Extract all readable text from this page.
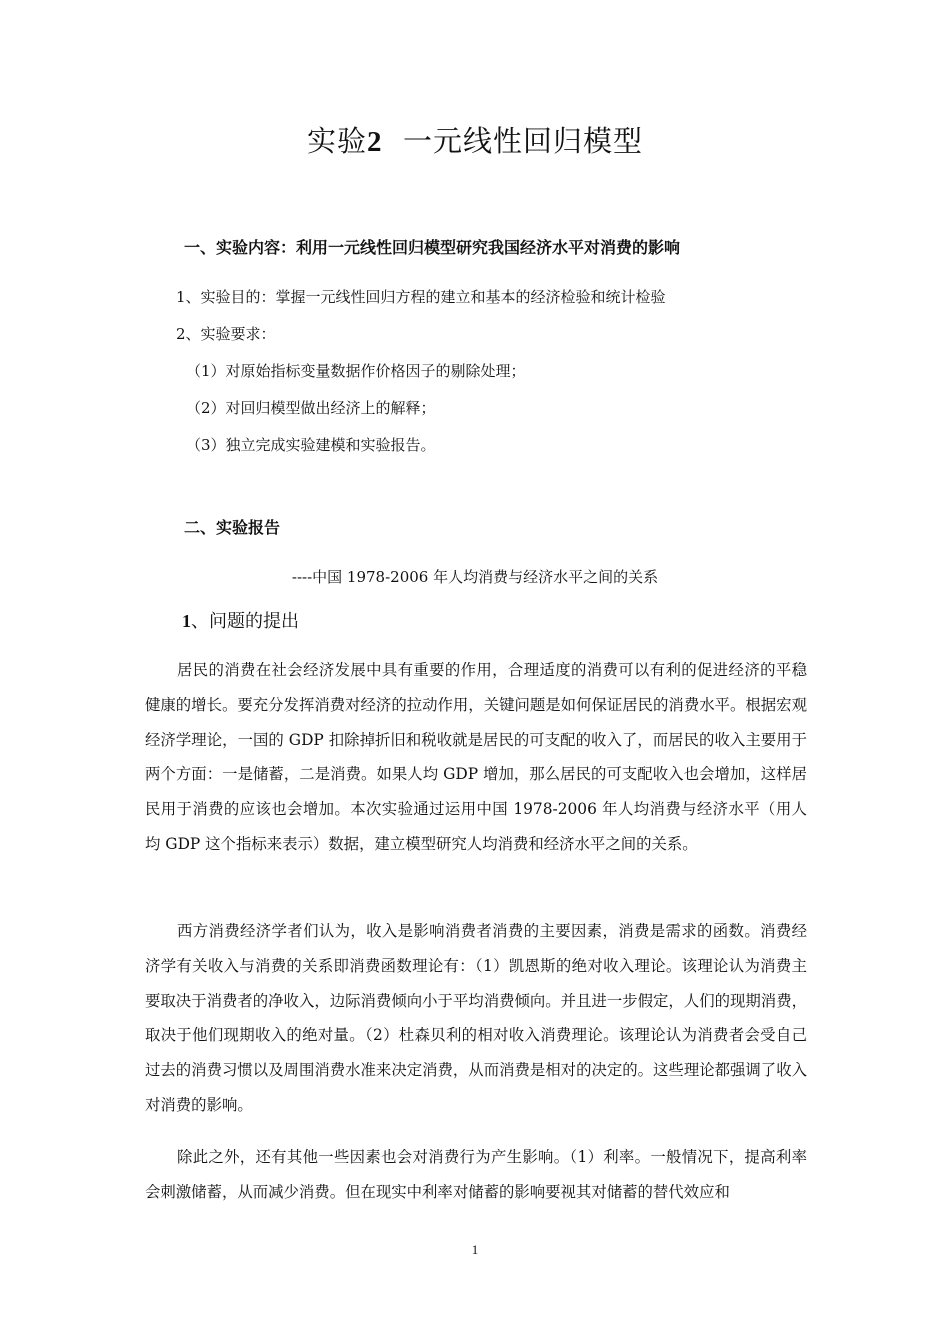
实验2 一元线性回归模型
一、实验内容：利用一元线性回归模型研究我国经济水平对消费的影响
1、实验目的：掌握一元线性回归方程的建立和基本的经济检验和统计检验
2、实验要求：
（1）对原始指标变量数据作价格因子的剔除处理；
（2）对回归模型做出经济上的解释；
（3）独立完成实验建模和实验报告。
二、实验报告
----中国 1978-2006 年人均消费与经济水平之间的关系
1、问题的提出

居民的消费在社会经济发展中具有重要的作用，合理适度的消费可以有利的促进经济的平稳健康的增长。要充分发挥消费对经济的拉动作用，关键问题是如何保证居民的消费水平。根据宏观经济学理论，一国的 GDP 扣除掉折旧和税收就是居民的可支配的收入了，而居民的收入主要用于两个方面：一是储蓄，二是消费。如果人均 GDP 增加，那么居民的可支配收入也会增加，这样居民用于消费的应该也会增加。本次实验通过运用中国 1978-2006 年人均消费与经济水平（用人均 GDP 这个指标来表示）数据，建立模型研究人均消费和经济水平之间的关系。

西方消费经济学者们认为，收入是影响消费者消费的主要因素，消费是需求的函数。消费经济学有关收入与消费的关系即消费函数理论有：（1）凯恩斯的绝对收入理论。该理论认为消费主要取决于消费者的净收入，边际消费倾向小于平均消费倾向。并且进一步假定，人们的现期消费，取决于他们现期收入的绝对量。（2）杜森贝利的相对收入消费理论。该理论认为消费者会受自己过去的消费习惯以及周围消费水准来决定消费，从而消费是相对的决定的。这些理论都强调了收入对消费的影响。

除此之外，还有其他一些因素也会对消费行为产生影响。（1）利率。一般情况下，提高利率会刺激储蓄，从而减少消费。但在现实中利率对储蓄的影响要视其对储蓄的替代效应和

1
